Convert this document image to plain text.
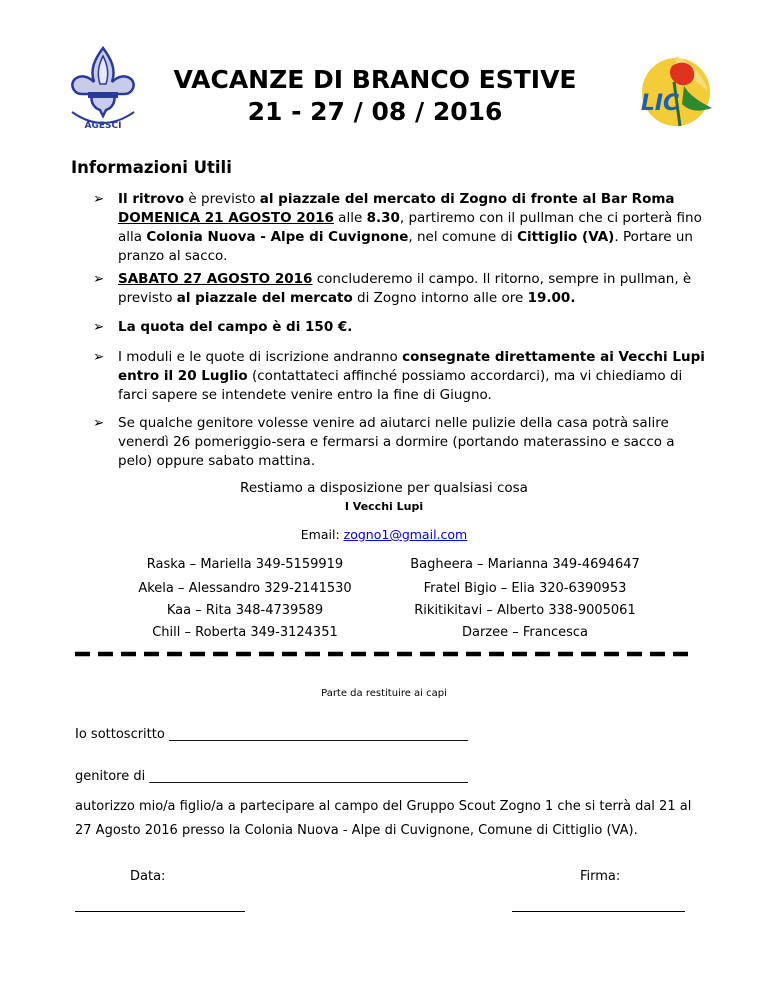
AGESCI
VACANZE DI BRANCO ESTIVE
21 - 27 / 08 / 2016	LIC
Informazioni Utili
➢ Il ritrovo è previsto al piazzale del mercato di Zogno di fronte al Bar Roma DOMENICA 21 AGOSTO 2016 alle 8.30, partiremo con il pullman che ci porterà fino alla Colonia Nuova - Alpe di Cuvignone, nel comune di Cittiglio (VA). Portare un pranzo al sacco.
➢ SABATO 27 AGOSTO 2016 concluderemo il campo. Il ritorno, sempre in pullman, è previsto al piazzale del mercato di Zogno intorno alle ore 19.00.
➢ La quota del campo è di 150 €.
➢ I moduli e le quote di iscrizione andranno consegnate direttamente ai Vecchi Lupi entro il 20 Luglio (contattateci affinché possiamo accordarci), ma vi chiediamo di farci sapere se intendete venire entro la fine di Giugno.
➢ Se qualche genitore volesse venire ad aiutarci nelle pulizie della casa potrà salire venerdì 26 pomeriggio-sera e fermarsi a dormire (portando materassino e sacco a pelo) oppure sabato mattina.
Restiamo a disposizione per qualsiasi cosa
I Vecchi Lupi
Email: zogno1@gmail.com
Raska – Mariella 349-5159919	Bagheera – Marianna 349-4694647
Akela – Alessandro 329-2141530	Fratel Bigio – Elia 320-6390953
Kaa – Rita 348-4739589	Rikitikitavi – Alberto 338-9005061
Chill – Roberta 349-3124351	Darzee – Francesca
Parte da restituire ai capi
Io sottoscritto ______________________________________________
genitore di _________________________________________________
autorizzo mio/a figlio/a a partecipare al campo del Gruppo Scout Zogno 1 che si terrà dal 21 al
27 Agosto 2016 presso la Colonia Nuova - Alpe di Cuvignone, Comune di Cittiglio (VA).
Data:	Firma:
